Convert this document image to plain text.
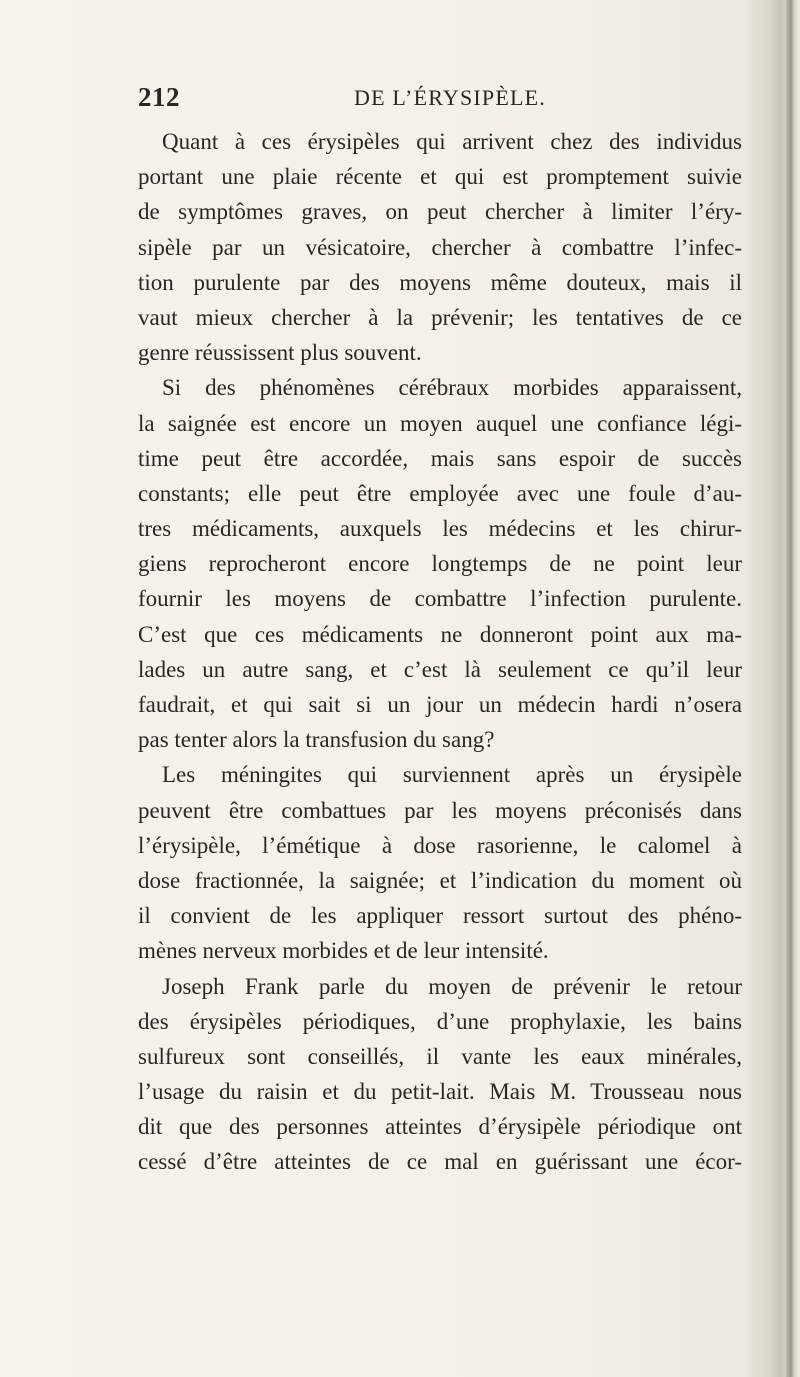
212	DE L’ÉRYSIPÈLE.
Quant à ces érysipèles qui arrivent chez des individus
portant une plaie récente et qui est promptement suivie
de symptômes graves, on peut chercher à limiter l’éry-
sipèle par un vésicatoire, chercher à combattre l’infec-
tion purulente par des moyens même douteux, mais il
vaut mieux chercher à la prévenir; les tentatives de ce
genre réussissent plus souvent.
Si des phénomènes cérébraux morbides apparaissent,
la saignée est encore un moyen auquel une confiance légi-
time peut être accordée, mais sans espoir de succès
constants; elle peut être employée avec une foule d’au-
tres médicaments, auxquels les médecins et les chirur-
giens reprocheront encore longtemps de ne point leur
fournir les moyens de combattre l’infection purulente.
C’est que ces médicaments ne donneront point aux ma-
lades un autre sang, et c’est là seulement ce qu’il leur
faudrait, et qui sait si un jour un médecin hardi n’osera
pas tenter alors la transfusion du sang?
Les méningites qui surviennent après un érysipèle
peuvent être combattues par les moyens préconisés dans
l’érysipèle, l’émétique à dose rasorienne, le calomel à
dose fractionnée, la saignée; et l’indication du moment où
il convient de les appliquer ressort surtout des phéno-
mènes nerveux morbides et de leur intensité.
Joseph Frank parle du moyen de prévenir le retour
des érysipèles périodiques, d’une prophylaxie, les bains
sulfureux sont conseillés, il vante les eaux minérales,
l’usage du raisin et du petit-lait. Mais M. Trousseau nous
dit que des personnes atteintes d’érysipèle périodique ont
cessé d’être atteintes de ce mal en guérissant une écor-
